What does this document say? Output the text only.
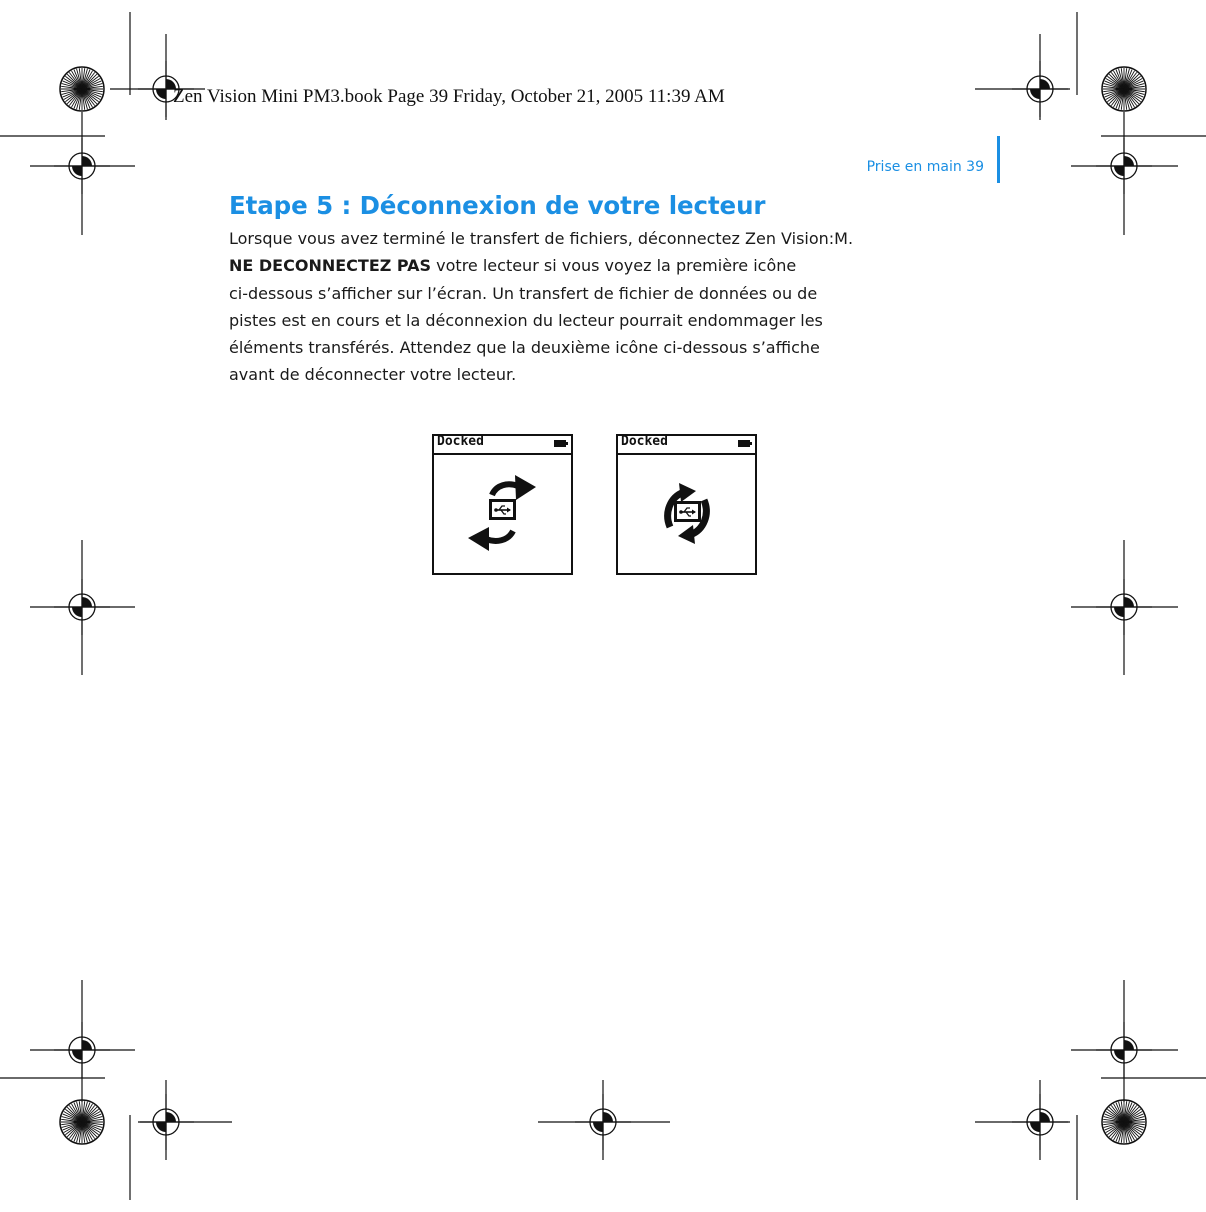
Zen Vision Mini PM3.book Page 39 Friday, October 21, 2005 11:39 AM

Prise en main 39

Etape 5 : Déconnexion de votre lecteur
Lorsque vous avez terminé le transfert de fichiers, déconnectez Zen Vision:M.
NE DECONNECTEZ PAS votre lecteur si vous voyez la première icône
ci-dessous s’afficher sur l’écran. Un transfert de fichier de données ou de
pistes est en cours et la déconnexion du lecteur pourrait endommager les
éléments transférés. Attendez que la deuxième icône ci-dessous s’affiche
avant de déconnecter votre lecteur.
Docked	Docked
